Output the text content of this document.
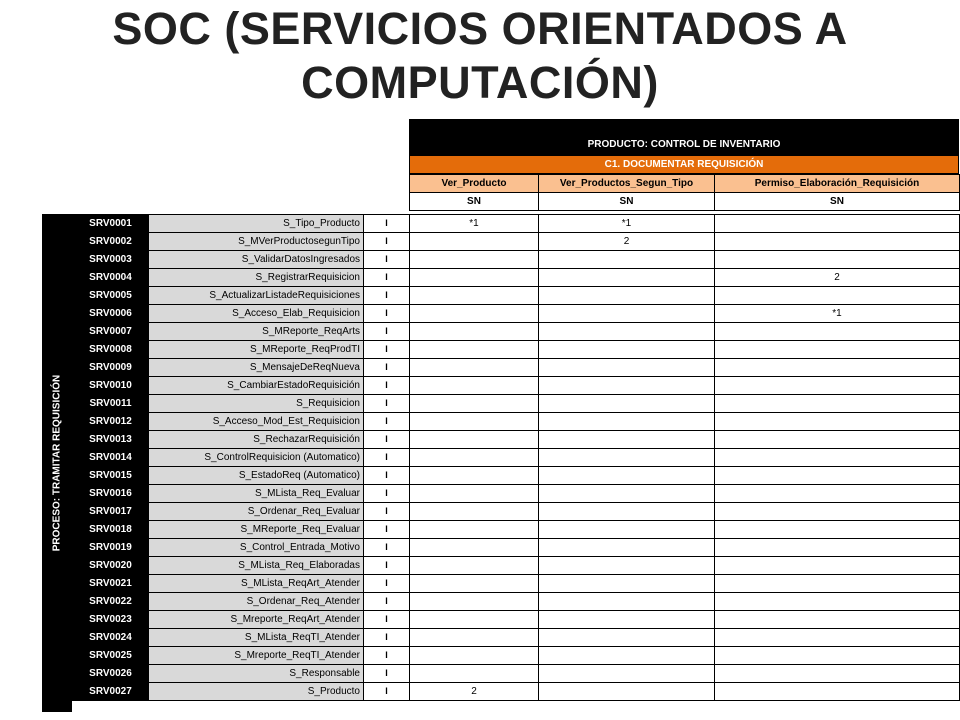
SOC (SERVICIOS ORIENTADOS A COMPUTACIÓN)
PRODUCTO: CONTROL DE INVENTARIO
C1. DOCUMENTAR REQUISICIÓN
Ver_Producto	Ver_Productos_Segun_Tipo	Permiso_Elaboración_Requisición
SN	SN	SN
PROCESO: TRAMITAR REQUISICIÓN
SRV0001	S_Tipo_Producto	I	*1	*1	
SRV0002	S_MVerProductosegunTipo	I		2	
SRV0003	S_ValidarDatosIngresados	I			
SRV0004	S_RegistrarRequisicion	I			2
SRV0005	S_ActualizarListadeRequisiciones	I			
SRV0006	S_Acceso_Elab_Requisicion	I			*1
SRV0007	S_MReporte_ReqArts	I			
SRV0008	S_MReporte_ReqProdTI	I			
SRV0009	S_MensajeDeReqNueva	I			
SRV0010	S_CambiarEstadoRequisición	I			
SRV0011	S_Requisicion	I			
SRV0012	S_Acceso_Mod_Est_Requisicion	I			
SRV0013	S_RechazarRequisición	I			
SRV0014	S_ControlRequisicion (Automatico)	I			
SRV0015	S_EstadoReq (Automatico)	I			
SRV0016	S_MLista_Req_Evaluar	I			
SRV0017	S_Ordenar_Req_Evaluar	I			
SRV0018	S_MReporte_Req_Evaluar	I			
SRV0019	S_Control_Entrada_Motivo	I			
SRV0020	S_MLista_Req_Elaboradas	I			
SRV0021	S_MLista_ReqArt_Atender	I			
SRV0022	S_Ordenar_Req_Atender	I			
SRV0023	S_Mreporte_ReqArt_Atender	I			
SRV0024	S_MLista_ReqTI_Atender	I			
SRV0025	S_Mreporte_ReqTI_Atender	I			
SRV0026	S_Responsable	I			
SRV0027	S_Producto	I	2		
